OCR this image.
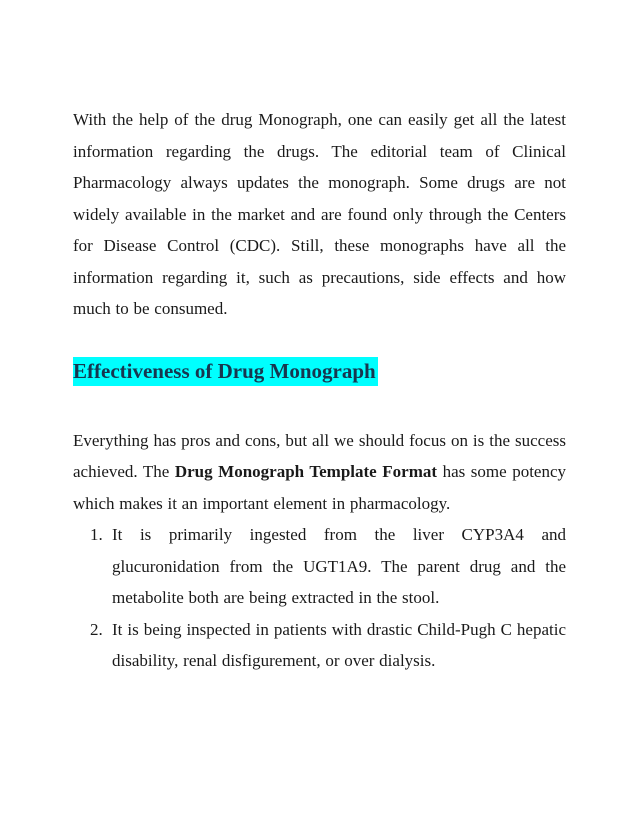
With the help of the drug Monograph, one can easily get all the latest information regarding the drugs. The editorial team of Clinical Pharmacology always updates the monograph. Some drugs are not widely available in the market and are found only through the Centers for Disease Control (CDC). Still, these monographs have all the information regarding it, such as precautions, side effects and how much to be consumed.

Effectiveness of Drug Monograph

Everything has pros and cons, but all we should focus on is the success achieved. The Drug Monograph Template Format has some potency which makes it an important element in pharmacology.

1. It is primarily ingested from the liver CYP3A4 and glucuronidation from the UGT1A9. The parent drug and the metabolite both are being extracted in the stool.
2. It is being inspected in patients with drastic Child-Pugh C hepatic disability, renal disfigurement, or over dialysis.
